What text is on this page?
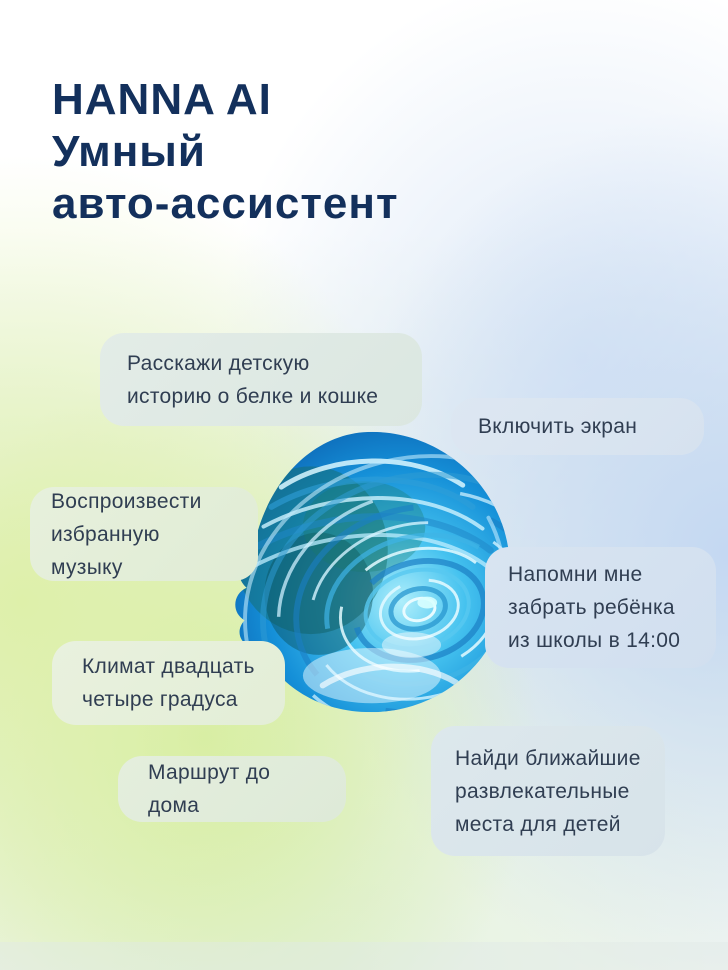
HANNA AI
Умный
авто-ассистент
Расскажи детскую
историю о белке и кошке
Включить экран
Воспроизвести
избранную музыку	Напомни мне
забрать ребёнка
из школы в 14:00
Климат двадцать
четыре градуса
Маршрут до дома
Найди ближайшие
развлекательные
места для детей
